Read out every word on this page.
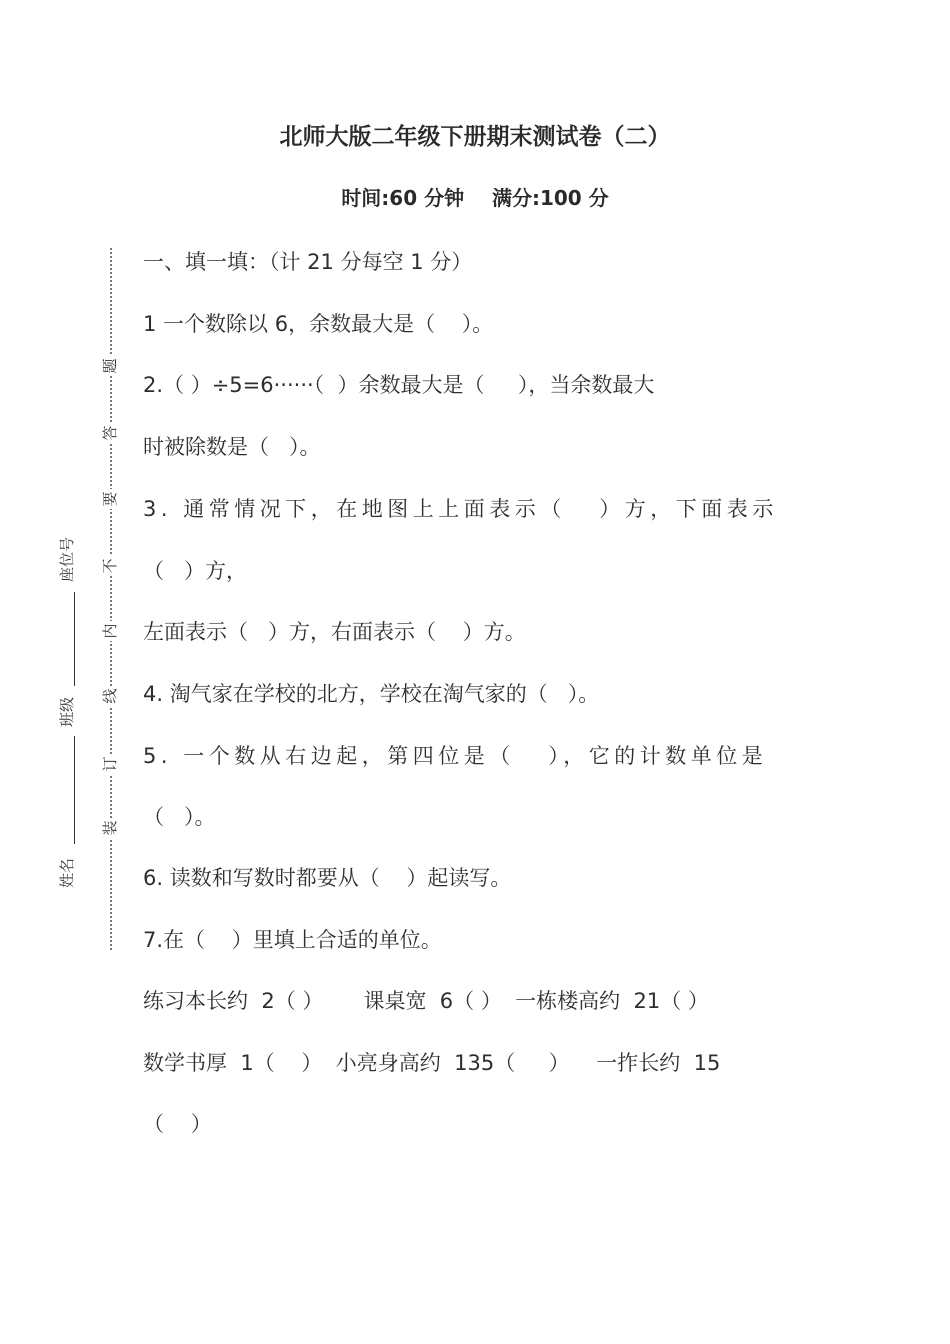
北师大版二年级下册期末测试卷（二）
时间:60 分钟    满分:100 分
装
订
线
内
不
要
答
题
座位号
班级
姓名
一、填一填：（计 21 分每空 1 分）
1 一个数除以 6，余数最大是（    ）。
2.（ ）÷5=6······（  ）余数最大是（     ），当余数最大
时被除数是（   ）。
3. 通常情况下，在地图上上面表示（   ）方，下面表示
（   ）方，
左面表示（   ）方，右面表示（    ）方。
4. 淘气家在学校的北方，学校在淘气家的（   ）。
5. 一个数从右边起，第四位是（   ），它的计数单位是
（   ）。
6. 读数和写数时都要从（    ）起读写。
7.在（    ）里填上合适的单位。
练习本长约  2（ ）      课桌宽  6（ ）  一栋楼高约  21（ ）
数学书厚  1（    ）  小亮身高约  135（     ）    一拃长约  15
（    ）
